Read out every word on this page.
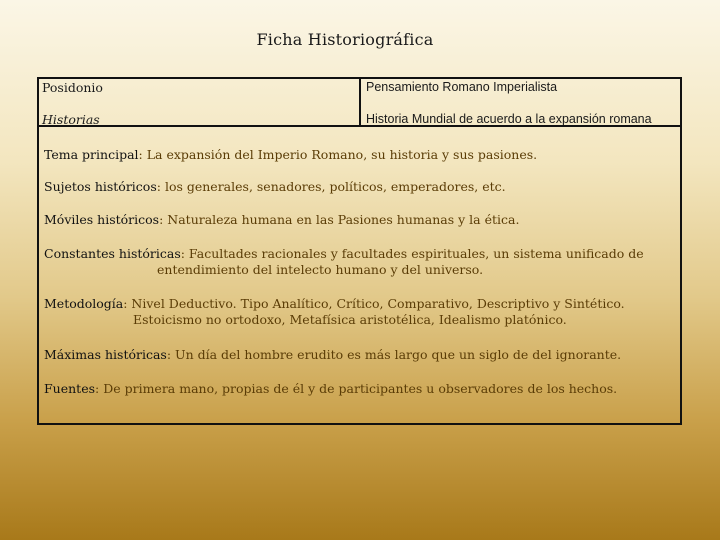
Ficha Historiográfica
Posidonio
Historias
Pensamiento Romano Imperialista
Historia Mundial de acuerdo a la expansión romana
Tema principal: La expansión del Imperio Romano, su historia y sus pasiones.
Sujetos históricos: los generales, senadores, políticos, emperadores, etc.
Móviles históricos: Naturaleza humana en las Pasiones humanas y la ética.
Constantes históricas: Facultades racionales y facultades espirituales, un sistema unificado de
entendimiento del intelecto humano y del universo.
Metodología: Nivel Deductivo. Tipo Analítico, Crítico, Comparativo, Descriptivo y Sintético.
Estoicismo no ortodoxo, Metafísica aristotélica, Idealismo platónico.
Máximas históricas: Un día del hombre erudito es más largo que un siglo de del ignorante.
Fuentes: De primera mano, propias de él y de participantes u observadores de los hechos.
